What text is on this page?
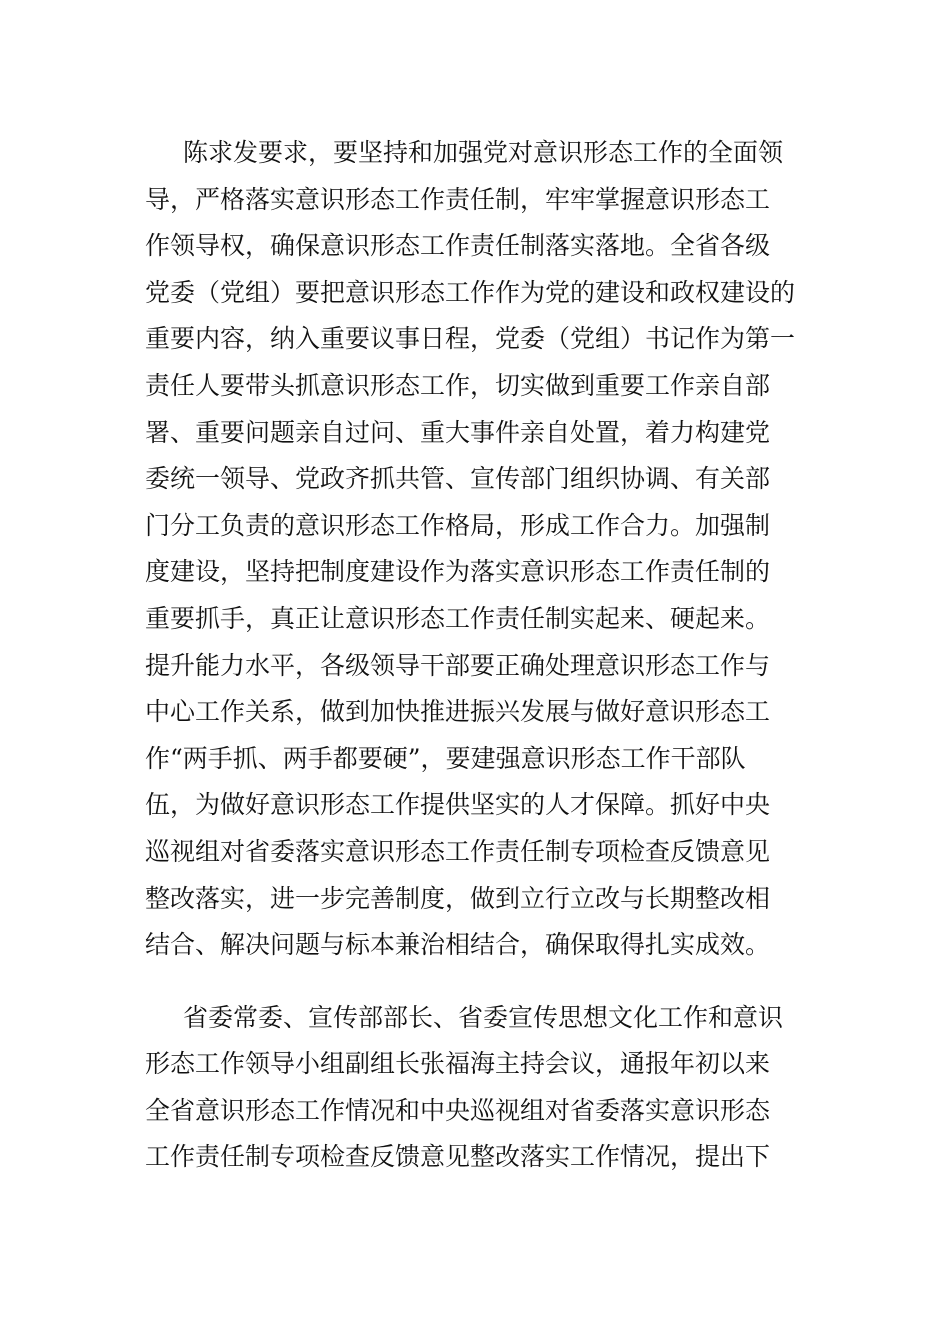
陈求发要求，要坚持和加强党对意识形态工作的全面领
导，严格落实意识形态工作责任制，牢牢掌握意识形态工
作领导权，确保意识形态工作责任制落实落地。全省各级
党委（党组）要把意识形态工作作为党的建设和政权建设的
重要内容，纳入重要议事日程，党委（党组）书记作为第一
责任人要带头抓意识形态工作，切实做到重要工作亲自部
署、重要问题亲自过问、重大事件亲自处置，着力构建党
委统一领导、党政齐抓共管、宣传部门组织协调、有关部
门分工负责的意识形态工作格局，形成工作合力。加强制
度建设，坚持把制度建设作为落实意识形态工作责任制的
重要抓手，真正让意识形态工作责任制实起来、硬起来。
提升能力水平，各级领导干部要正确处理意识形态工作与
中心工作关系，做到加快推进振兴发展与做好意识形态工
作“两手抓、两手都要硬”，要建强意识形态工作干部队
伍，为做好意识形态工作提供坚实的人才保障。抓好中央
巡视组对省委落实意识形态工作责任制专项检查反馈意见
整改落实，进一步完善制度，做到立行立改与长期整改相
结合、解决问题与标本兼治相结合，确保取得扎实成效。
省委常委、宣传部部长、省委宣传思想文化工作和意识
形态工作领导小组副组长张福海主持会议，通报年初以来
全省意识形态工作情况和中央巡视组对省委落实意识形态
工作责任制专项检查反馈意见整改落实工作情况，提出下
